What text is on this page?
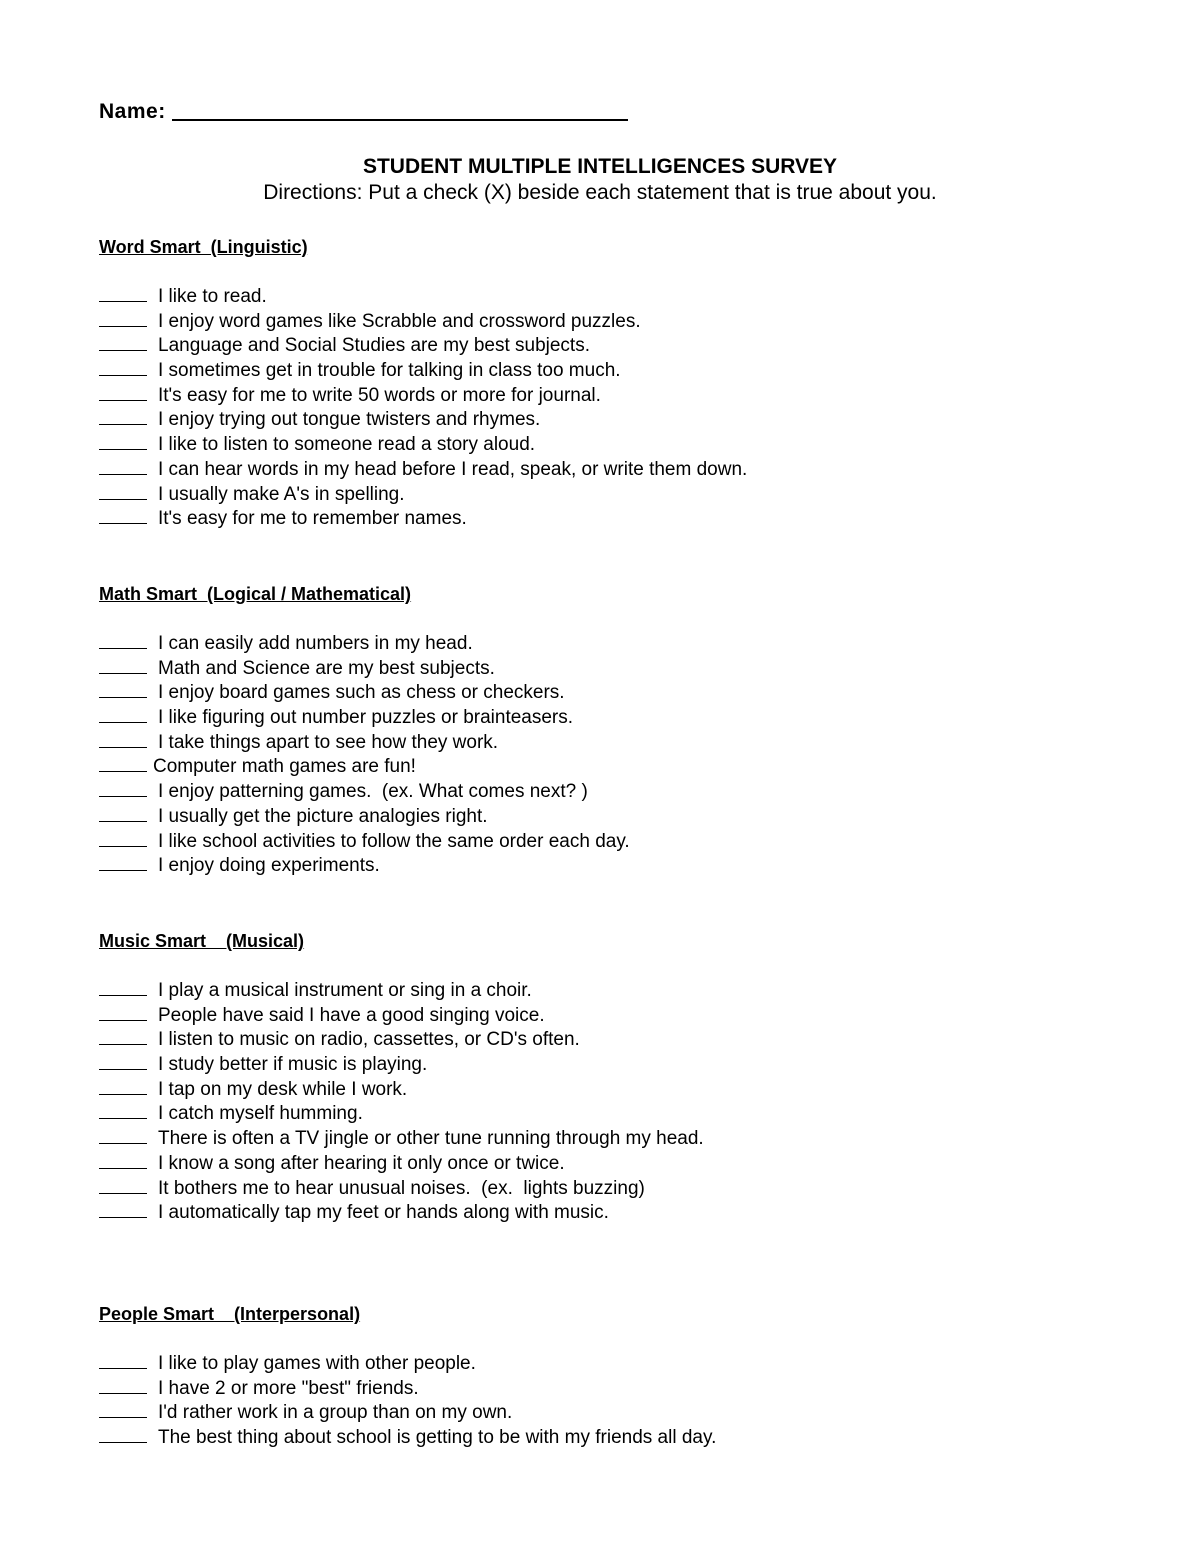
Name:
STUDENT MULTIPLE INTELLIGENCES SURVEY
Directions: Put a check (X) beside each statement that is true about you.
Word Smart  (Linguistic)
I like to read.
I enjoy word games like Scrabble and crossword puzzles.
Language and Social Studies are my best subjects.
I sometimes get in trouble for talking in class too much.
It's easy for me to write 50 words or more for journal.
I enjoy trying out tongue twisters and rhymes.
I like to listen to someone read a story aloud.
I can hear words in my head before I read, speak, or write them down.
I usually make A's in spelling.
It's easy for me to remember names.
Math Smart  (Logical / Mathematical)
I can easily add numbers in my head.
Math and Science are my best subjects.
I enjoy board games such as chess or checkers.
I like figuring out number puzzles or brainteasers.
I take things apart to see how they work.
Computer math games are fun!
I enjoy patterning games.  (ex. What comes next? )
I usually get the picture analogies right.
I like school activities to follow the same order each day.
I enjoy doing experiments.
Music Smart    (Musical)
I play a musical instrument or sing in a choir.
People have said I have a good singing voice.
I listen to music on radio, cassettes, or CD's often.
I study better if music is playing.
I tap on my desk while I work.
I catch myself humming.
There is often a TV jingle or other tune running through my head.
I know a song after hearing it only once or twice.
It bothers me to hear unusual noises.  (ex.  lights buzzing)
I automatically tap my feet or hands along with music.
People Smart    (Interpersonal)
I like to play games with other people.
I have 2 or more "best" friends.
I'd rather work in a group than on my own.
The best thing about school is getting to be with my friends all day.
